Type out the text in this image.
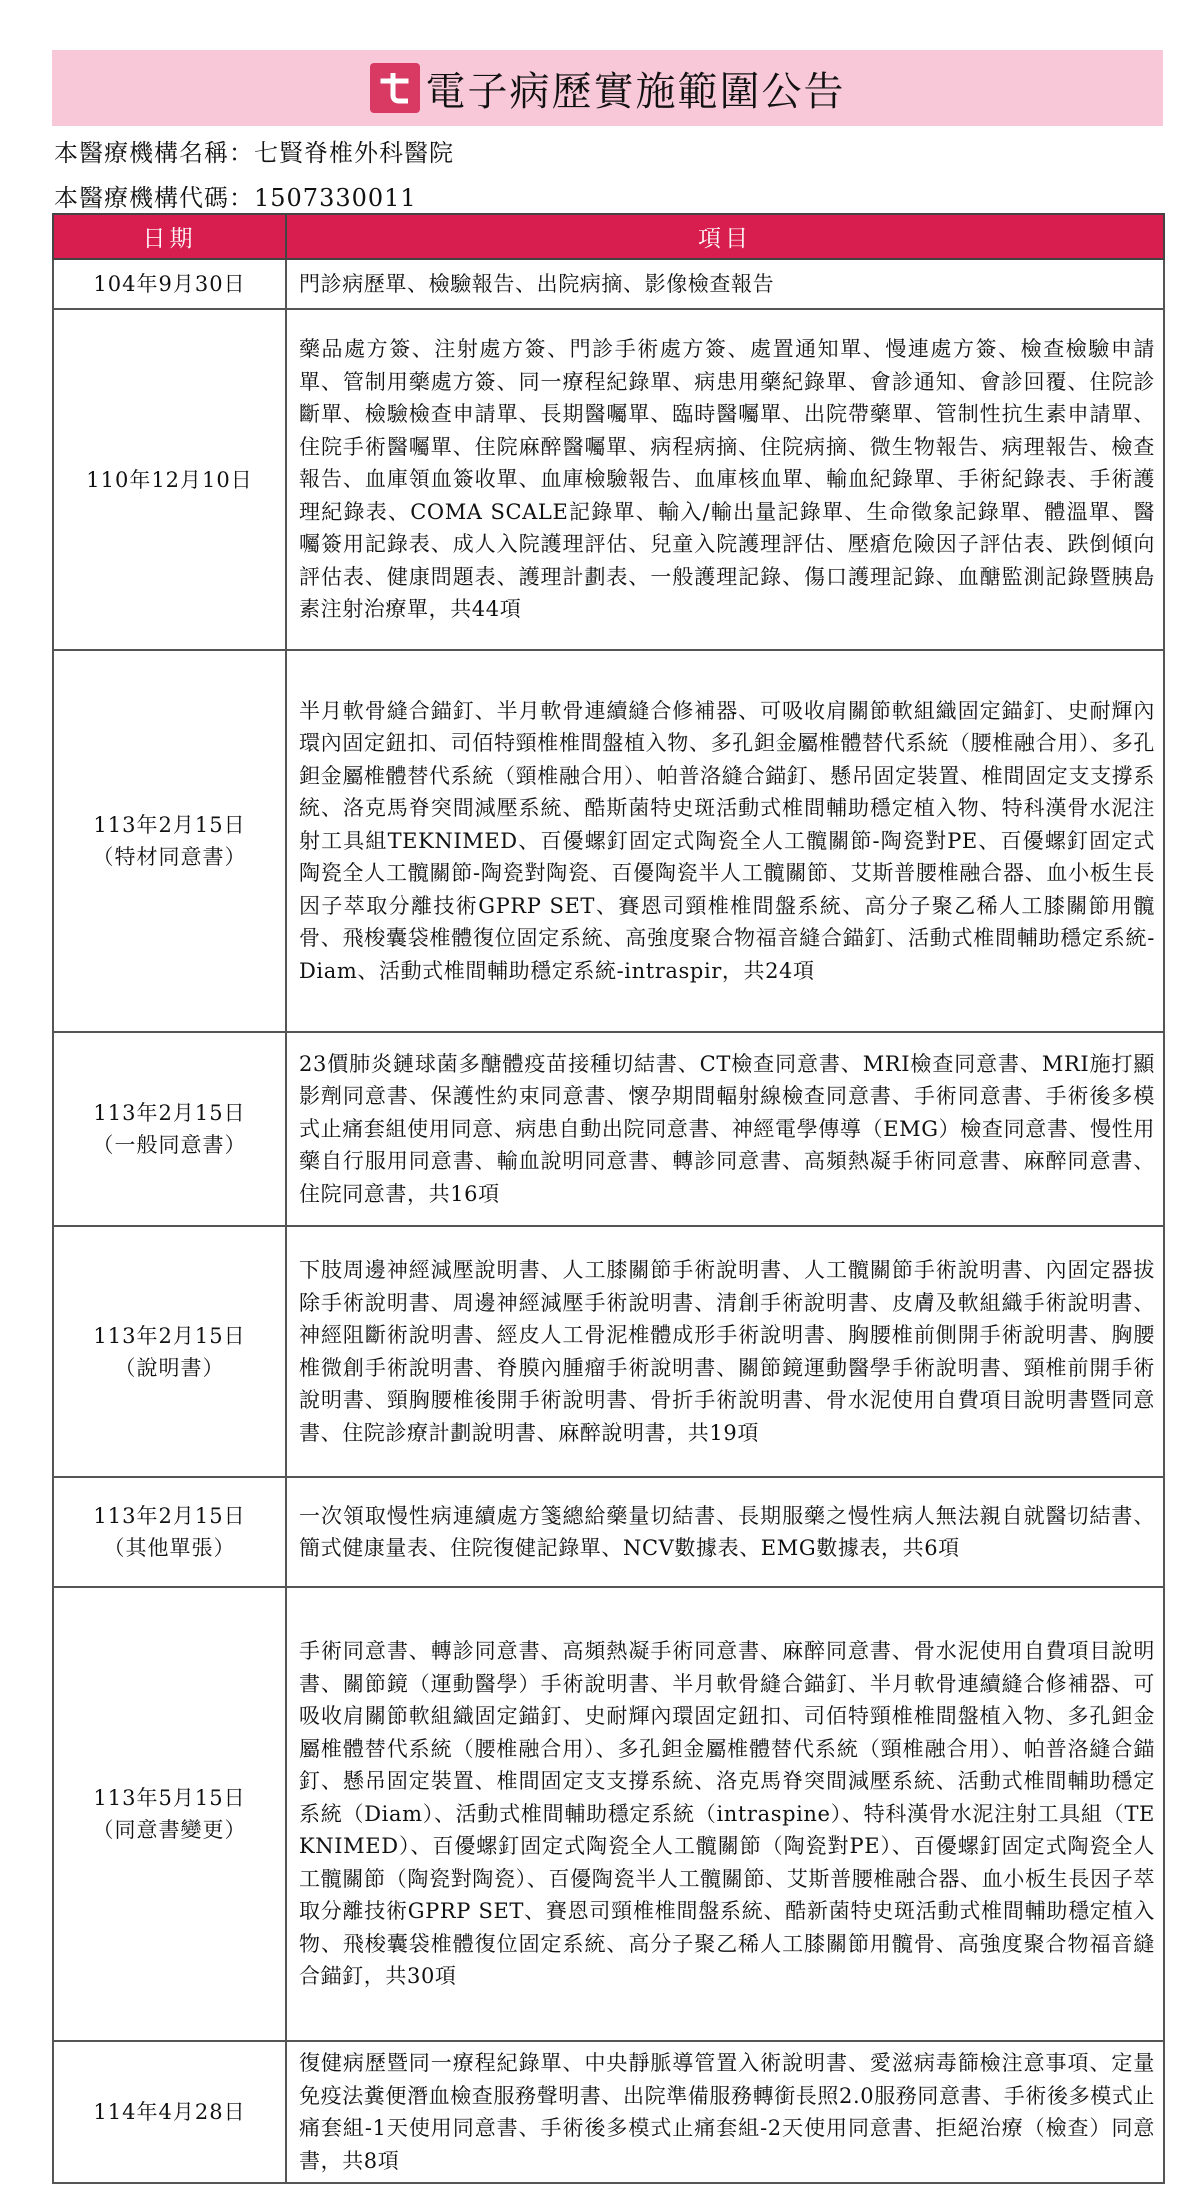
電子病歷實施範圍公告
本醫療機構名稱：七賢脊椎外科醫院
本醫療機構代碼：1507330011
日期	項目

104年9月30日	門診病歷單、檢驗報告、出院病摘、影像檢查報告

110年12月10日	藥品處方簽、注射處方簽、門診手術處方簽、處置通知單、慢連處方簽、檢查檢驗申請單、管制用藥處方簽、同一療程紀錄單、病患用藥紀錄單、會診通知、會診回覆、住院診斷單、檢驗檢查申請單、長期醫囑單、臨時醫囑單、出院帶藥單、管制性抗生素申請單、住院手術醫囑單、住院麻醉醫囑單、病程病摘、住院病摘、微生物報告、病理報告、檢查報告、血庫領血簽收單、血庫檢驗報告、血庫核血單、輸血紀錄單、手術紀錄表、手術護理紀錄表、COMA SCALE記錄單、輸入/輸出量記錄單、生命徵象記錄單、體溫單、醫囑簽用記錄表、成人入院護理評估、兒童入院護理評估、壓瘡危險因子評估表、跌倒傾向評估表、健康問題表、護理計劃表、一般護理記錄、傷口護理記錄、血醣監測記錄暨胰島素注射治療單，共44項

113年2月15日
（特材同意書）	半月軟骨縫合錨釘、半月軟骨連續縫合修補器、可吸收肩關節軟組織固定錨釘、史耐輝內環內固定鈕扣、司佰特頸椎椎間盤植入物、多孔鉭金屬椎體替代系統（腰椎融合用）、多孔鉭金屬椎體替代系統（頸椎融合用）、帕普洛縫合錨釘、懸吊固定裝置、椎間固定支支撐系統、洛克馬脊突間減壓系統、酷斯菌特史斑活動式椎間輔助穩定植入物、特科漢骨水泥注射工具組TEKNIMED、百優螺釘固定式陶瓷全人工髖關節-陶瓷對PE、百優螺釘固定式陶瓷全人工髖關節-陶瓷對陶瓷、百優陶瓷半人工髖關節、艾斯普腰椎融合器、血小板生長因子萃取分離技術GPRP SET、賽恩司頸椎椎間盤系統、高分子聚乙稀人工膝關節用髖骨、飛梭囊袋椎體復位固定系統、高強度聚合物福音縫合錨釘、活動式椎間輔助穩定系統-Diam、活動式椎間輔助穩定系統-intraspir，共24項

113年2月15日
（一般同意書）	23價肺炎鏈球菌多醣體疫苗接種切結書、CT檢查同意書、MRI檢查同意書、MRI施打顯影劑同意書、保護性約束同意書、懷孕期間輻射線檢查同意書、手術同意書、手術後多模式止痛套組使用同意、病患自動出院同意書、神經電學傳導（EMG）檢查同意書、慢性用藥自行服用同意書、輸血說明同意書、轉診同意書、高頻熱凝手術同意書、麻醉同意書、住院同意書，共16項

113年2月15日
（說明書）	下肢周邊神經減壓說明書、人工膝關節手術說明書、人工髖關節手術說明書、內固定器拔除手術說明書、周邊神經減壓手術說明書、清創手術說明書、皮膚及軟組織手術說明書、神經阻斷術說明書、經皮人工骨泥椎體成形手術說明書、胸腰椎前側開手術說明書、胸腰椎微創手術說明書、脊膜內腫瘤手術說明書、關節鏡運動醫學手術說明書、頸椎前開手術說明書、頸胸腰椎後開手術說明書、骨折手術說明書、骨水泥使用自費項目說明書暨同意書、住院診療計劃說明書、麻醉說明書，共19項

113年2月15日
（其他單張）	一次領取慢性病連續處方箋總給藥量切結書、長期服藥之慢性病人無法親自就醫切結書、簡式健康量表、住院復健記錄單、NCV數據表、EMG數據表，共6項

113年5月15日
（同意書變更）	手術同意書、轉診同意書、高頻熱凝手術同意書、麻醉同意書、骨水泥使用自費項目說明書、關節鏡（運動醫學）手術說明書、半月軟骨縫合錨釘、半月軟骨連續縫合修補器、可吸收肩關節軟組織固定錨釘、史耐輝內環固定鈕扣、司佰特頸椎椎間盤植入物、多孔鉭金屬椎體替代系統（腰椎融合用）、多孔鉭金屬椎體替代系統（頸椎融合用）、帕普洛縫合錨釘、懸吊固定裝置、椎間固定支支撐系統、洛克馬脊突間減壓系統、活動式椎間輔助穩定系統（Diam）、活動式椎間輔助穩定系統（intraspine）、特科漢骨水泥注射工具組（TEKNIMED）、百優螺釘固定式陶瓷全人工髖關節（陶瓷對PE）、百優螺釘固定式陶瓷全人工髖關節（陶瓷對陶瓷）、百優陶瓷半人工髖關節、艾斯普腰椎融合器、血小板生長因子萃取分離技術GPRP SET、賽恩司頸椎椎間盤系統、酷新菌特史斑活動式椎間輔助穩定植入物、飛梭囊袋椎體復位固定系統、高分子聚乙稀人工膝關節用髖骨、高強度聚合物福音縫合錨釘，共30項

114年4月28日	復健病歷暨同一療程紀錄單、中央靜脈導管置入術說明書、愛滋病毒篩檢注意事項、定量免疫法糞便潛血檢查服務聲明書、出院準備服務轉銜長照2.0服務同意書、手術後多模式止痛套組-1天使用同意書、手術後多模式止痛套組-2天使用同意書、拒絕治療（檢查）同意書，共8項
